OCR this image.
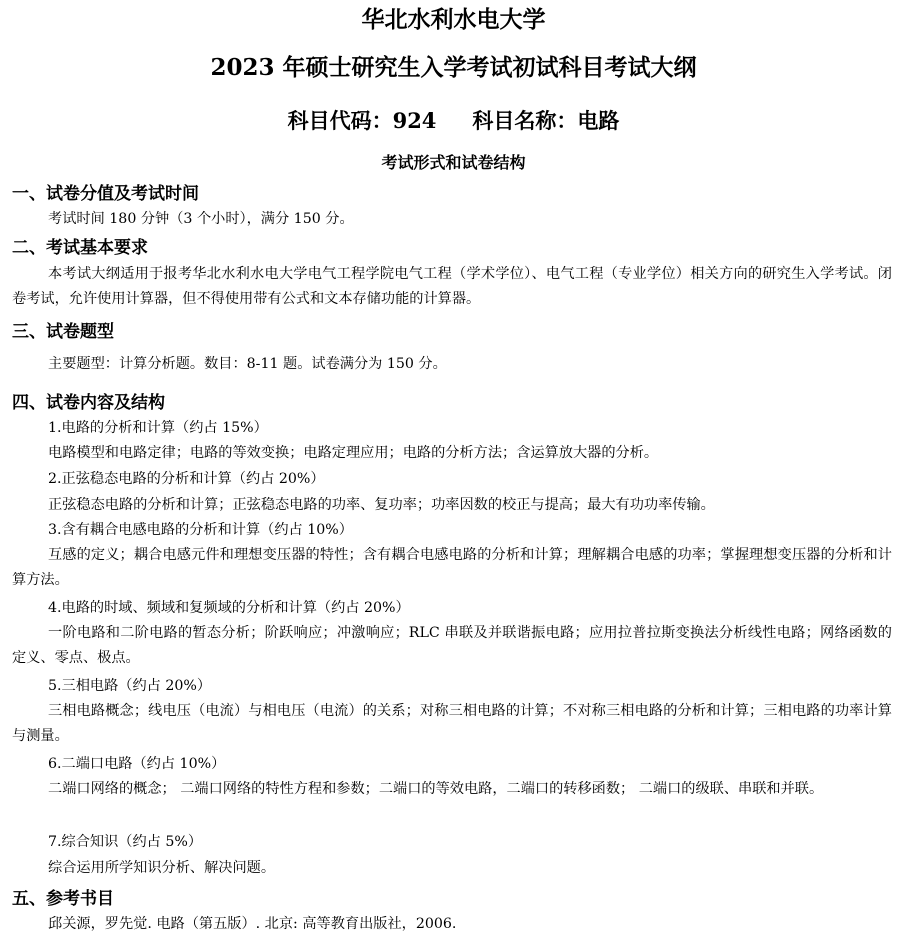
华北水利水电大学
2023 年硕士研究生入学考试初试科目考试大纲
科目代码：924 科目名称：电路
考试形式和试卷结构
一、试卷分值及考试时间
考试时间 180 分钟（3 个小时），满分 150 分。
二、考试基本要求
本考试大纲适用于报考华北水利水电大学电气工程学院电气工程（学术学位）、电气工程（专业学位）相关方向的研究生入学考试。闭卷考试，允许使用计算器，但不得使用带有公式和文本存储功能的计算器。
三、试卷题型
主要题型：计算分析题。数目：8-11 题。试卷满分为 150 分。
四、试卷内容及结构
1.电路的分析和计算（约占 15%）
电路模型和电路定律；电路的等效变换；电路定理应用；电路的分析方法；含运算放大器的分析。
2.正弦稳态电路的分析和计算（约占 20%）
正弦稳态电路的分析和计算；正弦稳态电路的功率、复功率；功率因数的校正与提高；最大有功功率传输。
3.含有耦合电感电路的分析和计算（约占 10%）
互感的定义；耦合电感元件和理想变压器的特性；含有耦合电感电路的分析和计算；理解耦合电感的功率；掌握理想变压器的分析和计算方法。
4.电路的时域、频域和复频域的分析和计算（约占 20%）
一阶电路和二阶电路的暂态分析；阶跃响应；冲激响应；RLC 串联及并联谐振电路；应用拉普拉斯变换法分析线性电路；网络函数的定义、零点、极点。
5.三相电路（约占 20%）
三相电路概念；线电压（电流）与相电压（电流）的关系；对称三相电路的计算；不对称三相电路的分析和计算；三相电路的功率计算与测量。
6.二端口电路（约占 10%）
二端口网络的概念； 二端口网络的特性方程和参数；二端口的等效电路，二端口的转移函数； 二端口的级联、串联和并联。
7.综合知识（约占 5%）
综合运用所学知识分析、解决问题。
五、参考书目
邱关源，罗先觉. 电路（第五版）. 北京: 高等教育出版社，2006.
